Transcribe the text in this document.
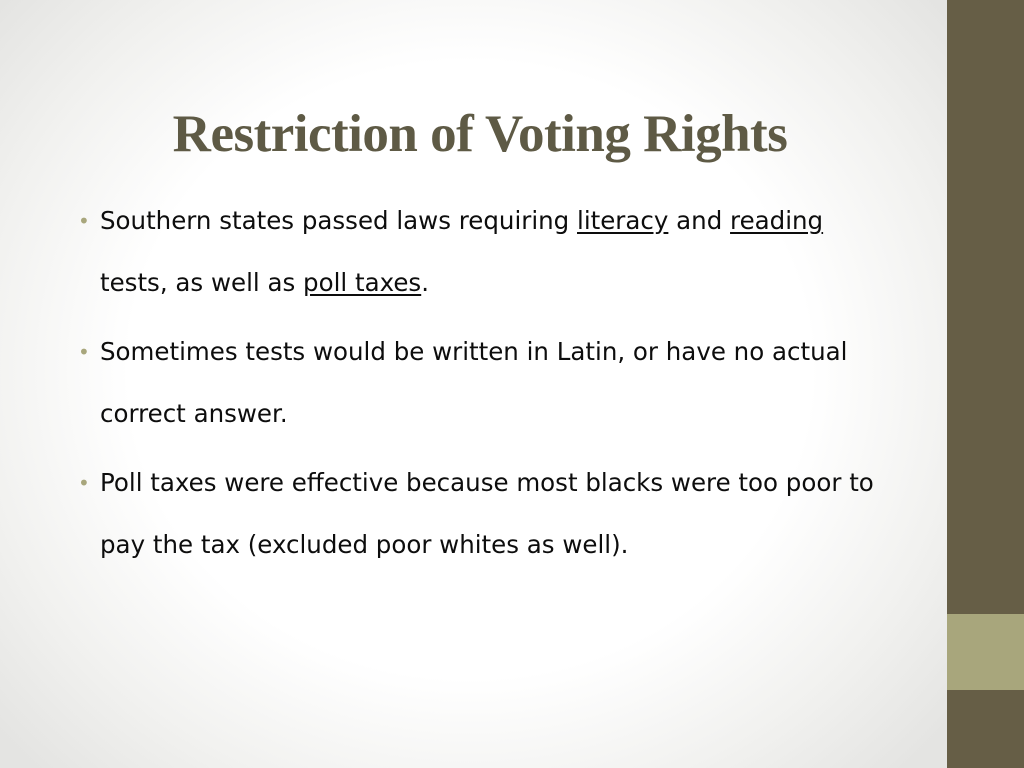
Restriction of Voting Rights
• Southern states passed laws requiring literacy and reading tests, as well as poll taxes.
• Sometimes tests would be written in Latin, or have no actual correct answer.
• Poll taxes were effective because most blacks were too poor to pay the tax (excluded poor whites as well).
